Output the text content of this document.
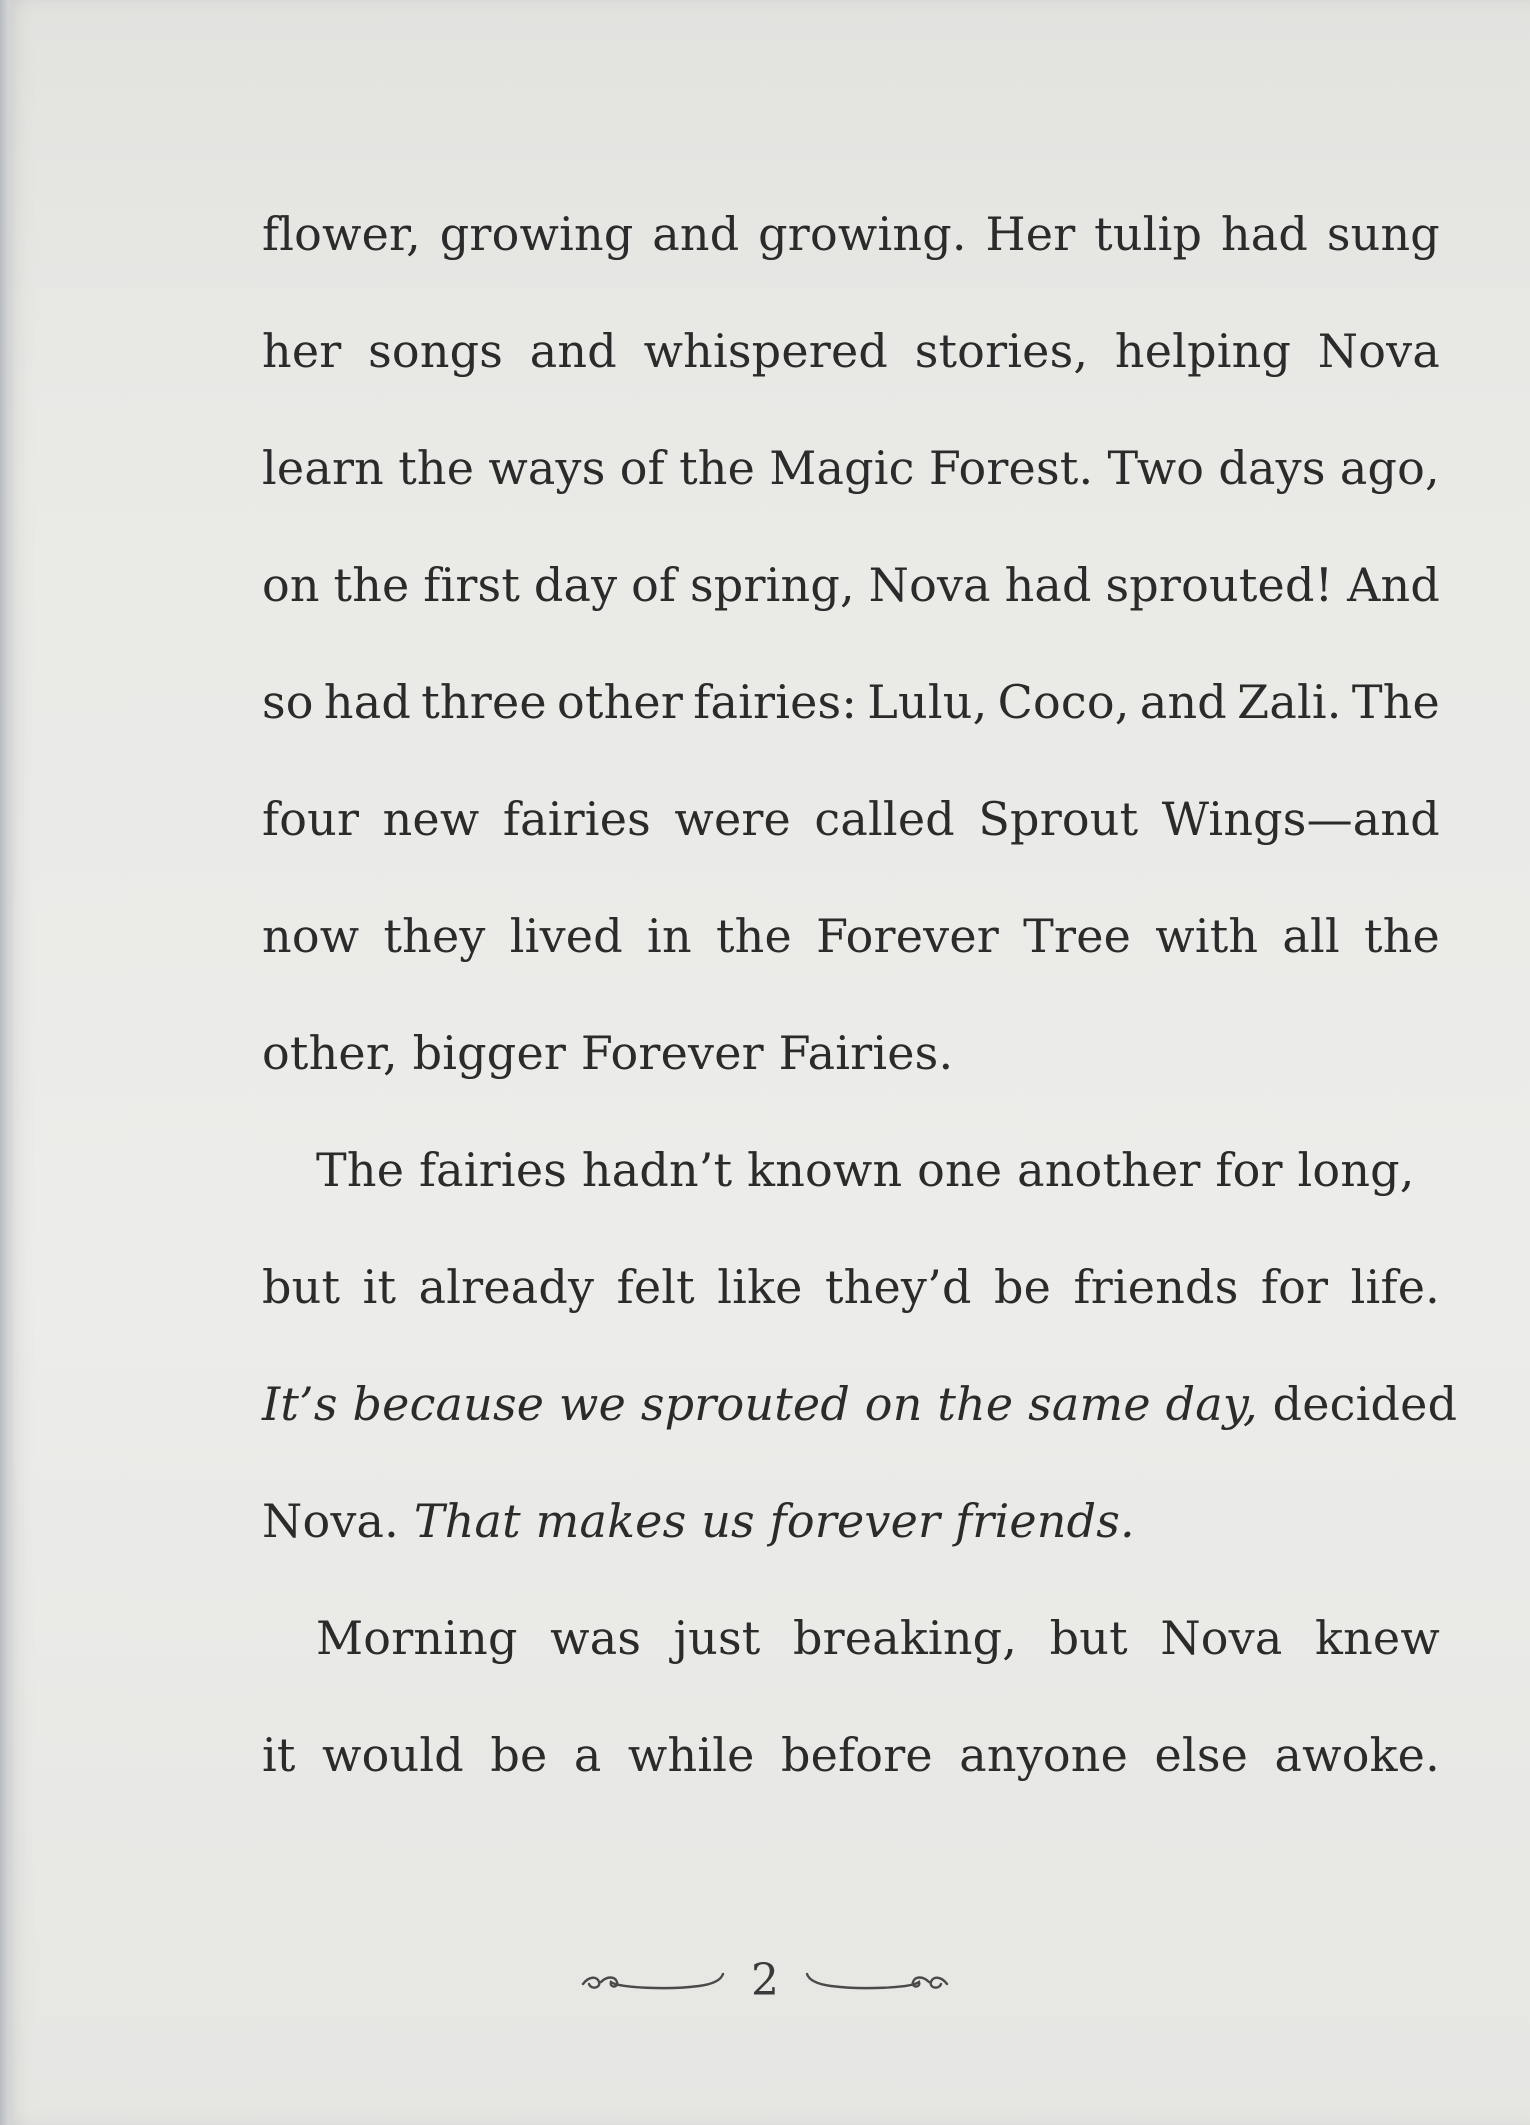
flower, growing and growing. Her tulip had sung
her songs and whispered stories, helping Nova
learn the ways of the Magic Forest. Two days ago,
on the first day of spring, Nova had sprouted! And
so had three other fairies: Lulu, Coco, and Zali. The
four new fairies were called Sprout Wings—and
now they lived in the Forever Tree with all the
other, bigger Forever Fairies.
The fairies hadn’t known one another for long,
but it already felt like they’d be friends for life.
It’s because we sprouted on the same day, decided
Nova. That makes us forever friends.
Morning was just breaking, but Nova knew
it would be a while before anyone else awoke.
2
